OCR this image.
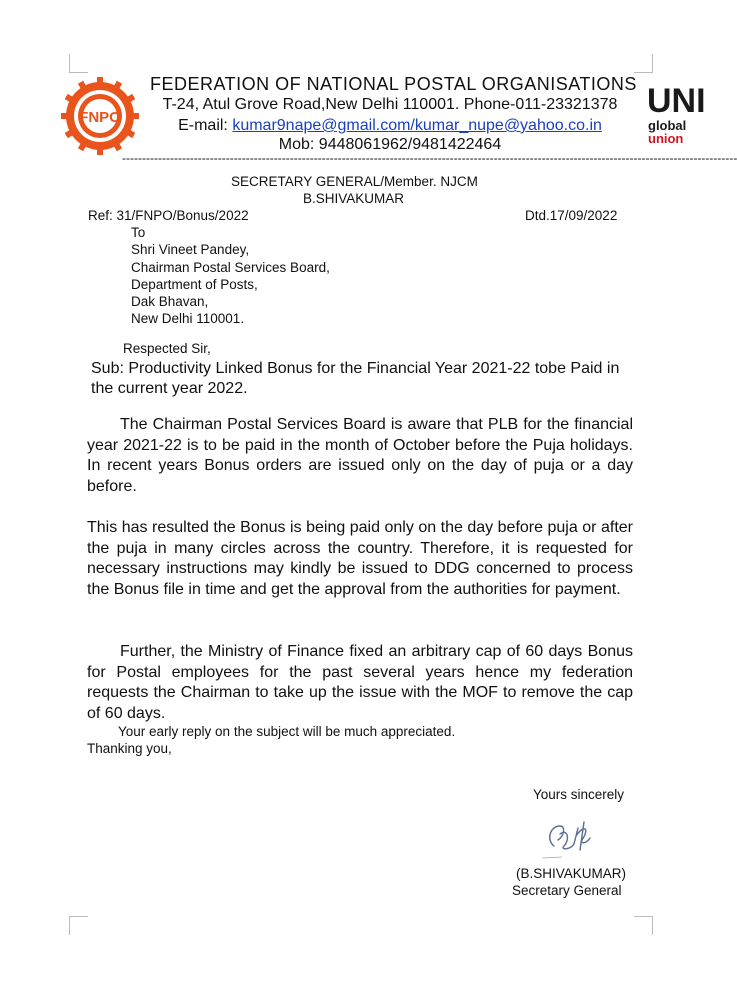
FNPO	UNI
global
union
FEDERATION OF NATIONAL POSTAL ORGANISATIONS
T-24, Atul Grove Road,New Delhi 110001. Phone-011-23321378
E-mail: kumar9nape@gmail.com/kumar_nupe@yahoo.co.in
Mob: 9448061962/9481422464
----------------------------------------------------------------------------------------------------------------------------------------------------------
SECRETARY GENERAL/Member. NJCM
B.SHIVAKUMAR
Ref: 31/FNPO/Bonus/2022	Dtd.17/09/2022
To
Shri Vineet Pandey,
Chairman Postal Services Board,
Department of Posts,
Dak Bhavan,
New Delhi 110001.
Respected Sir,
Sub: Productivity Linked Bonus for the Financial Year 2021-22 tobe Paid in the current year 2022.
The Chairman Postal Services Board is aware that PLB for the financial year 2021-22 is to be paid in the month of October before the Puja holidays. In recent years Bonus orders are issued only on the day of puja or a day before.
This has resulted the Bonus is being paid only on the day before puja or after the puja in many circles across the country. Therefore, it is requested for necessary instructions may kindly be issued to DDG concerned to process the Bonus file in time and get the approval from the authorities for payment.
Further, the Ministry of Finance fixed an arbitrary cap of 60 days Bonus for Postal employees for the past several years hence my federation requests the Chairman to take up the issue with the MOF to remove the cap of 60 days.
Your early reply on the subject will be much appreciated.
Thanking you,
Yours sincerely
(B.SHIVAKUMAR)
Secretary General
